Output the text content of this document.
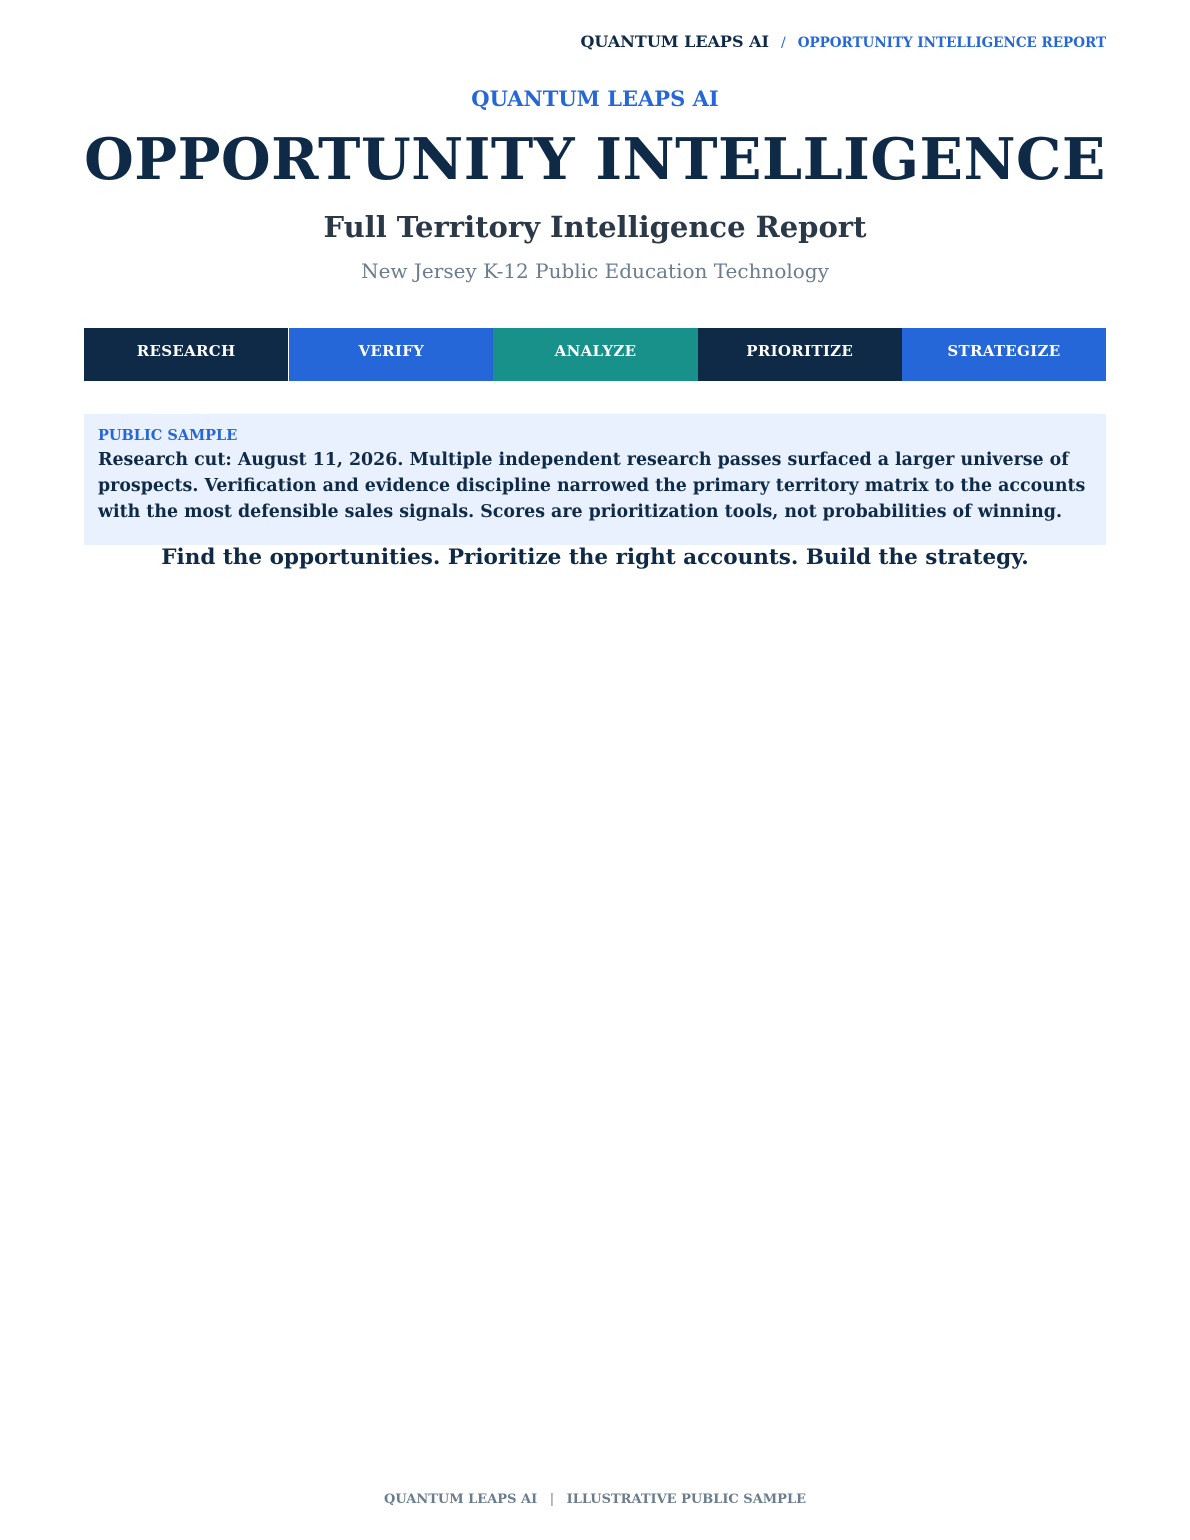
QUANTUM LEAPS AI / OPPORTUNITY INTELLIGENCE REPORT
QUANTUM LEAPS AI
OPPORTUNITY INTELLIGENCE
Full Territory Intelligence Report
New Jersey K-12 Public Education Technology
RESEARCH	VERIFY	ANALYZE	PRIORITIZE	STRATEGIZE
PUBLIC SAMPLE
Research cut: August 11, 2026. Multiple independent research passes surfaced a larger universe of prospects. Verification and evidence discipline narrowed the primary territory matrix to the accounts with the most defensible sales signals. Scores are prioritization tools, not probabilities of winning.
Find the opportunities. Prioritize the right accounts. Build the strategy.
QUANTUM LEAPS AI | ILLUSTRATIVE PUBLIC SAMPLE
